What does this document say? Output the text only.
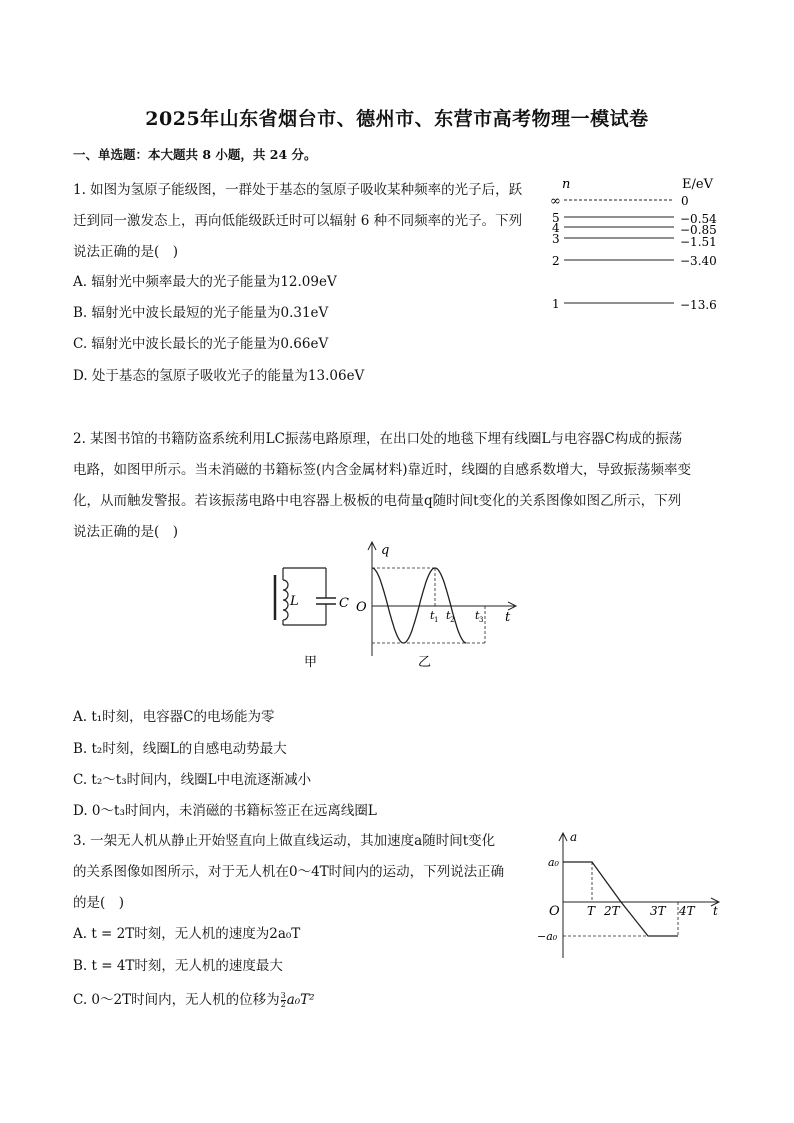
2025年山东省烟台市、德州市、东营市高考物理一模试卷
一、单选题：本大题共 8 小题，共 24 分。
1. 如图为氢原子能级图，一群处于基态的氢原子吸收某种频率的光子后，跃
迁到同一激发态上，再向低能级跃迁时可以辐射 6 种不同频率的光子。下列
说法正确的是(　)
A. 辐射光中频率最大的光子能量为12.09eV
B. 辐射光中波长最短的光子能量为0.31eV
C. 辐射光中波长最长的光子能量为0.66eV
D. 处于基态的氢原子吸收光子的能量为13.06eV
n	E/eV
∞
5
4
3
2
1
0
−0.54
−0.85
−1.51
−3.40
−13.6
2. 某图书馆的书籍防盗系统利用LC振荡电路原理，在出口处的地毯下埋有线圈L与电容器C构成的振荡
电路，如图甲所示。当未消磁的书籍标签(内含金属材料)靠近时，线圈的自感系数增大，导致振荡频率变
化，从而触发警报。若该振荡电路中电容器上极板的电荷量q随时间t变化的关系图像如图乙所示，下列
说法正确的是(　)
L	C
甲
q
O
t
t 1 t 2 t 3
乙
A. t₁时刻，电容器C的电场能为零
B. t₂时刻，线圈L的自感电动势最大
C. t₂～t₃时间内，线圈L中电流逐渐减小
D. 0～t₃时间内，未消磁的书籍标签正在远离线圈L
3. 一架无人机从静止开始竖直向上做直线运动，其加速度a随时间t变化
的关系图像如图所示，对于无人机在0～4T时间内的运动，下列说法正确
的是(　)
A. t = 2T时刻，无人机的速度为2a₀T
B. t = 4T时刻，无人机的速度最大
C. 0～2T时间内，无人机的位移为 $\frac{3}{2} a_0T^2$
a
a₀
−a₀
O T 2T	3T 4T t
